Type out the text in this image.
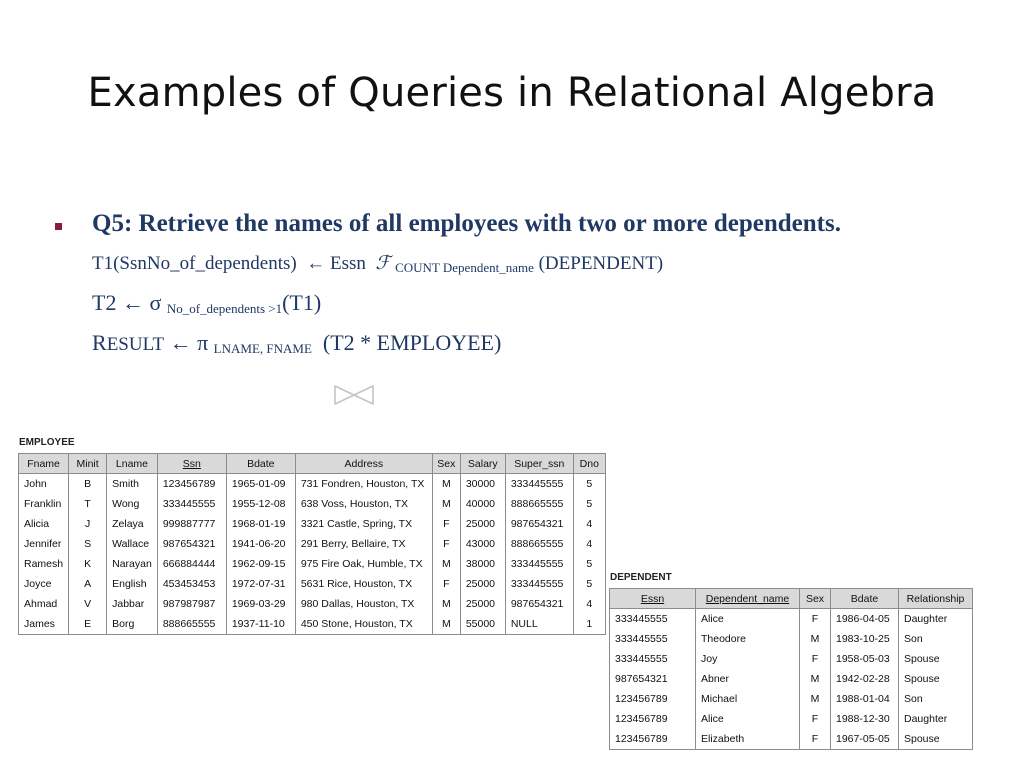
Examples of Queries in Relational Algebra
Q5: Retrieve the names of all employees with two or more dependents.
T1(SsnNo_of_dependents) ← Essn ℱ $_{COUNT Dependent\_name}$ (DEPENDENT)
T2 ← σ $_{No\_of\_dependents >1}$(T1)
RESULT ← π $_{LNAME, FNAME}$ (T2 * EMPLOYEE)
EMPLOYEE
Fname	Minit	Lname	Ssn	Bdate	Address	Sex	Salary	Super_ssn	Dno
John	B	Smith	123456789	1965-01-09	731 Fondren, Houston, TX	M	30000	333445555	5
Franklin	T	Wong	333445555	1955-12-08	638 Voss, Houston, TX	M	40000	888665555	5
Alicia	J	Zelaya	999887777	1968-01-19	3321 Castle, Spring, TX	F	25000	987654321	4
Jennifer	S	Wallace	987654321	1941-06-20	291 Berry, Bellaire, TX	F	43000	888665555	4
Ramesh	K	Narayan	666884444	1962-09-15	975 Fire Oak, Humble, TX	M	38000	333445555	5
Joyce	A	English	453453453	1972-07-31	5631 Rice, Houston, TX	F	25000	333445555	5
Ahmad	V	Jabbar	987987987	1969-03-29	980 Dallas, Houston, TX	M	25000	987654321	4
James	E	Borg	888665555	1937-11-10	450 Stone, Houston, TX	M	55000	NULL	1
DEPENDENT
Essn	Dependent_name	Sex	Bdate	Relationship
333445555	Alice	F	1986-04-05	Daughter
333445555	Theodore	M	1983-10-25	Son
333445555	Joy	F	1958-05-03	Spouse
987654321	Abner	M	1942-02-28	Spouse
123456789	Michael	M	1988-01-04	Son
123456789	Alice	F	1988-12-30	Daughter
123456789	Elizabeth	F	1967-05-05	Spouse
